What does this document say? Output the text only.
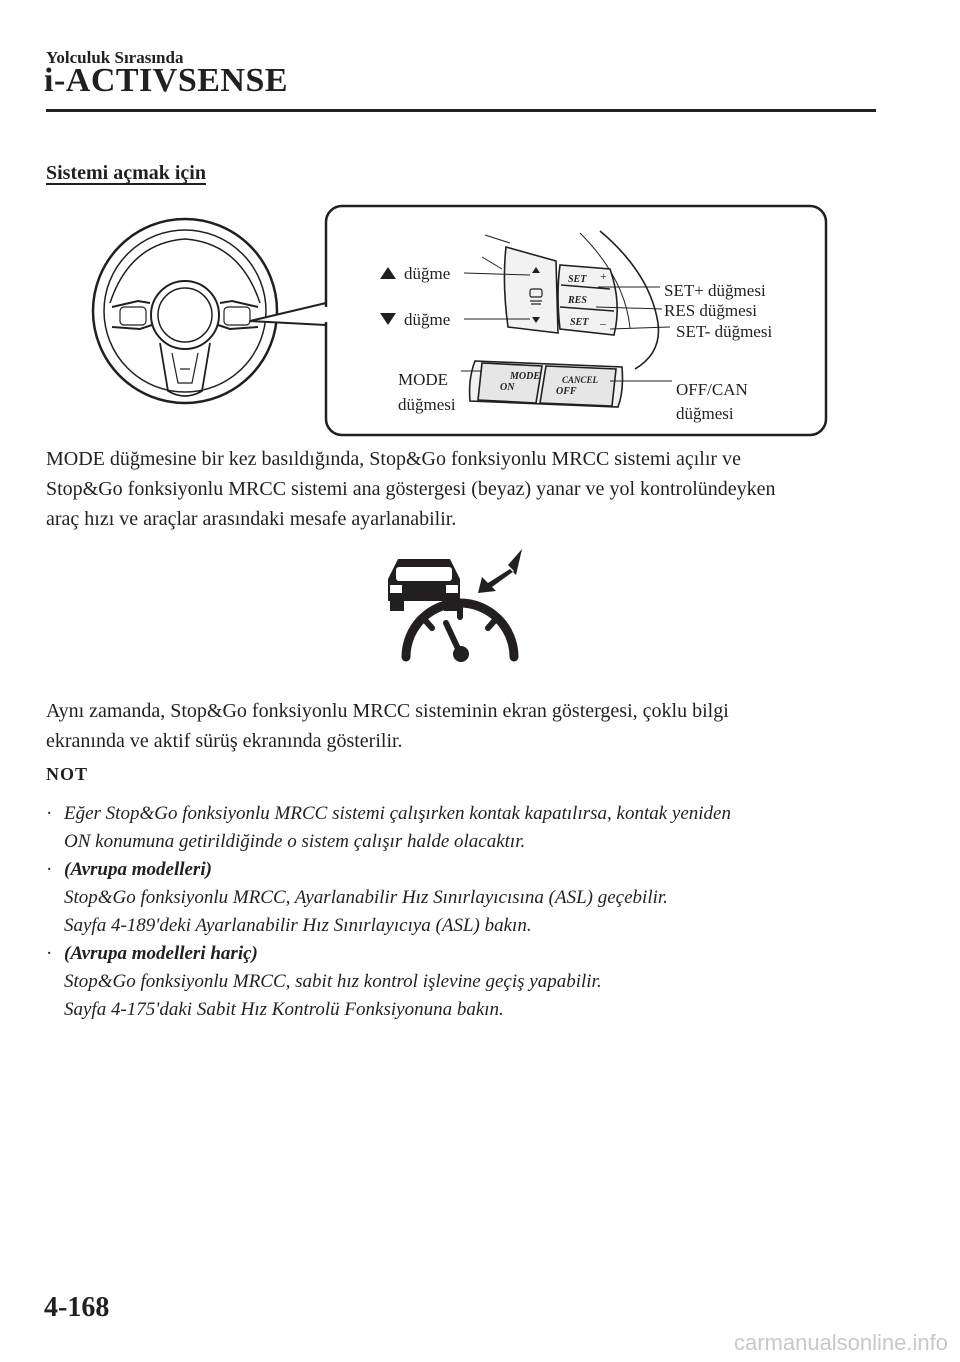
Yolculuk Sırasında
i-ACTIVSENSE
Sistemi açmak için
SET +
RES
SET –
MODE
ON
CANCEL
OFF
düğme
düğme
MODE
düğmesi
SET+ düğmesi
RES düğmesi
SET- düğmesi
OFF/CAN
düğmesi
MODE düğmesine bir kez basıldığında, Stop&Go fonksiyonlu MRCC sistemi açılır ve
Stop&Go fonksiyonlu MRCC sistemi ana göstergesi (beyaz) yanar ve yol kontrolündeyken
araç hızı ve araçlar arasındaki mesafe ayarlanabilir.
Aynı zamanda, Stop&Go fonksiyonlu MRCC sisteminin ekran göstergesi, çoklu bilgi
ekranında ve aktif sürüş ekranında gösterilir.
NOT
· Eğer Stop&Go fonksiyonlu MRCC sistemi çalışırken kontak kapatılırsa, kontak yeniden
ON konumuna getirildiğinde o sistem çalışır halde olacaktır.
· (Avrupa modelleri)
Stop&Go fonksiyonlu MRCC, Ayarlanabilir Hız Sınırlayıcısına (ASL) geçebilir.
Sayfa 4-189'deki Ayarlanabilir Hız Sınırlayıcıya (ASL) bakın.
· (Avrupa modelleri hariç)
Stop&Go fonksiyonlu MRCC, sabit hız kontrol işlevine geçiş yapabilir.
Sayfa 4-175'daki Sabit Hız Kontrolü Fonksiyonuna bakın.
4-168
carmanualsonline.info
